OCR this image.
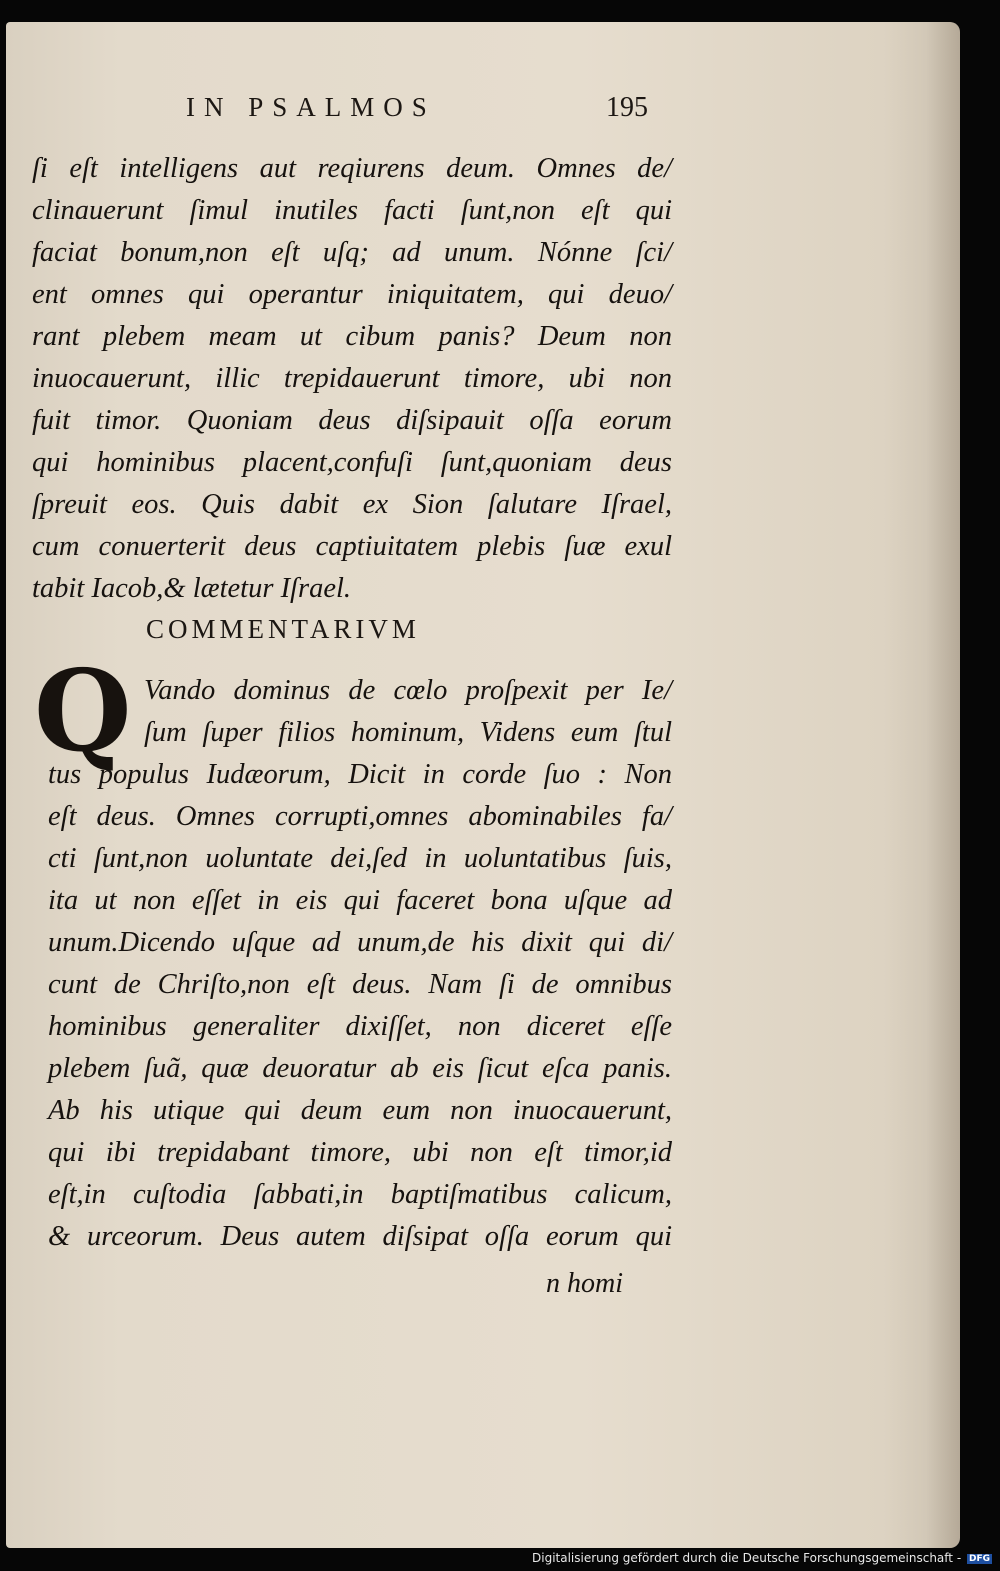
IN PSALMOS	195
ſi eſt intelligens aut reqiurens deum. Omnes de/
clinauerunt ſimul inutiles facti ſunt,non eſt qui
faciat bonum,non eſt uſq; ad unum. Nónne ſci/
ent omnes qui operantur iniquitatem, qui deuo/
rant plebem meam ut cibum panis? Deum non
inuocauerunt, illic trepidauerunt timore, ubi non
fuit timor. Quoniam deus diſsipauit oſſa eorum
qui hominibus placent,confuſi ſunt,quoniam deus
ſpreuit eos. Quis dabit ex Sion ſalutare Iſrael,
cum conuerterit deus captiuitatem plebis ſuæ exul
tabit Iacob,& lætetur Iſrael.
COMMENTARIVM
Q Vando dominus de cœlo proſpexit per Ie/
ſum ſuper filios hominum, Videns eum ſtul
tus populus Iudæorum, Dicit in corde ſuo : Non
eſt deus. Omnes corrupti,omnes abominabiles fa/
cti ſunt,non uoluntate dei,ſed in uoluntatibus ſuis,
ita ut non eſſet in eis qui faceret bona uſque ad
unum.Dicendo uſque ad unum,de his dixit qui di/
cunt de Chriſto,non eſt deus. Nam ſi de omnibus
hominibus generaliter dixiſſet, non diceret eſſe
plebem ſuã, quæ deuoratur ab eis ſicut eſca panis.
Ab his utique qui deum eum non inuocauerunt,
qui ibi trepidabant timore, ubi non eſt timor,id
eſt,in cuſtodia ſabbati,in baptiſmatibus calicum,
& urceorum. Deus autem diſsipat oſſa eorum qui
n homi
Digitalisierung gefördert durch die Deutsche Forschungsgemeinschaft - DFG
